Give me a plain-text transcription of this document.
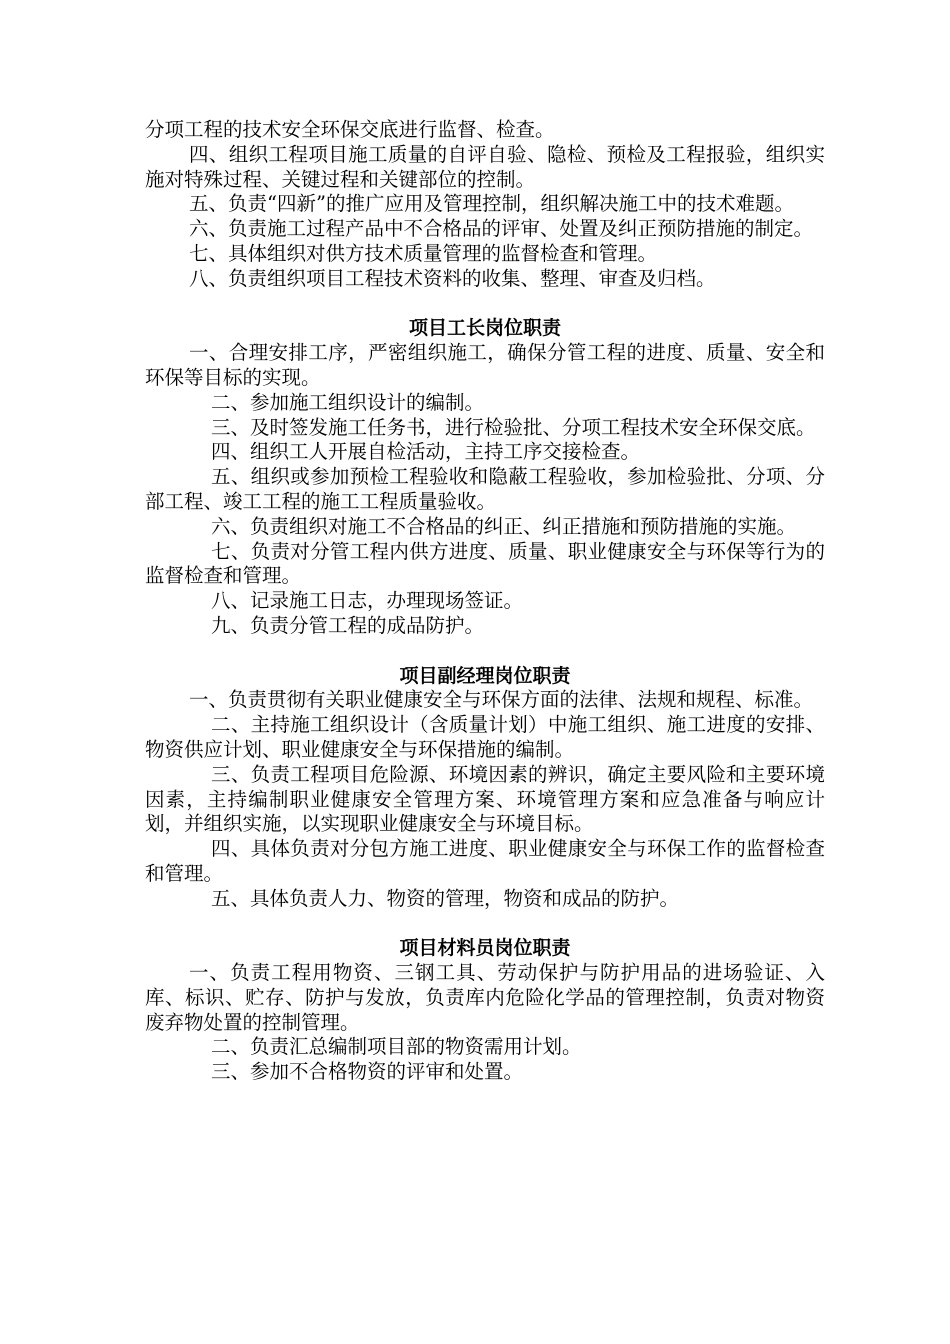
分项工程的技术安全环保交底进行监督、检查。

四、组织工程项目施工质量的自评自验、隐检、预检及工程报验，组织实施对特殊过程、关键过程和关键部位的控制。

五、负责“四新”的推广应用及管理控制，组织解决施工中的技术难题。

六、负责施工过程产品中不合格品的评审、处置及纠正预防措施的制定。

七、具体组织对供方技术质量管理的监督检查和管理。

八、负责组织项目工程技术资料的收集、整理、审查及归档。

项目工长岗位职责

一、合理安排工序，严密组织施工，确保分管工程的进度、质量、安全和环保等目标的实现。

二、参加施工组织设计的编制。

三、及时签发施工任务书，进行检验批、分项工程技术安全环保交底。

四、组织工人开展自检活动，主持工序交接检查。

五、组织或参加预检工程验收和隐蔽工程验收，参加检验批、分项、分部工程、竣工工程的施工工程质量验收。

六、负责组织对施工不合格品的纠正、纠正措施和预防措施的实施。

七、负责对分管工程内供方进度、质量、职业健康安全与环保等行为的监督检查和管理。

八、记录施工日志，办理现场签证。

九、负责分管工程的成品防护。

项目副经理岗位职责

一、负责贯彻有关职业健康安全与环保方面的法律、法规和规程、标准。

二、主持施工组织设计（含质量计划）中施工组织、施工进度的安排、物资供应计划、职业健康安全与环保措施的编制。

三、负责工程项目危险源、环境因素的辨识，确定主要风险和主要环境因素，主持编制职业健康安全管理方案、环境管理方案和应急准备与响应计划，并组织实施，以实现职业健康安全与环境目标。

四、具体负责对分包方施工进度、职业健康安全与环保工作的监督检查和管理。

五、具体负责人力、物资的管理，物资和成品的防护。

项目材料员岗位职责

一、负责工程用物资、三钢工具、劳动保护与防护用品的进场验证、入库、标识、贮存、防护与发放，负责库内危险化学品的管理控制，负责对物资废弃物处置的控制管理。

二、负责汇总编制项目部的物资需用计划。

三、参加不合格物资的评审和处置。
